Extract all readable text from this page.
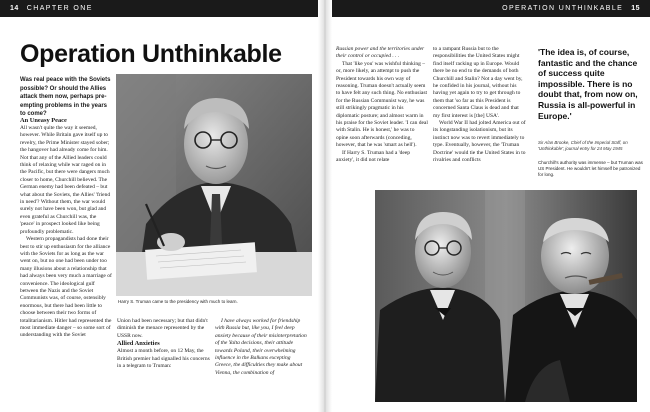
14 CHAPTER ONE	OPERATION UNTHINKABLE 15
Operation Unthinkable

Was real peace with the Soviets possible? Or should the Allies attack them now, perhaps pre-empting problems in the years to come?

An Uneasy Peace

All wasn't quite the way it seemed, however. While Britain gave itself up to revelry, the Prime Minister stayed sober; the hangover had already come for him. Not that any of the Allied leaders could think of relaxing while war raged on in the Pacific, but there were dangers much closer to home, Churchill believed. The German enemy had been defeated – but what about the Soviets, the Allies' 'friend in need'? Without them, the war would surely not have been won, but glad and even grateful as Churchill was, the 'peace' in prospect looked like being profoundly problematic.

Western propagandists had done their best to stir up enthusiasm for the alliance with the Soviets for as long as the war went on, but no one had been under too many illusions about a relationship that had always been very much a marriage of convenience. The ideological gulf between the Nazis and the Soviet Communists was, of course, ostensibly enormous, but there had been little to choose between their two forms of totalitarianism. Hitler had represented the most immediate danger – so some sort of understanding with the Soviet

Harry S. Truman came to the presidency with much to learn.

Union had been necessary; but that didn't diminish the menace represented by the USSR now.

Allied Anxieties

Almost a month before, on 12 May, the British premier had signalled his concerns in a telegram to Truman:

I have always worked for friendship with Russia but, like you, I feel deep anxiety because of their misinterpretation of the Yalta decisions, their attitude towards Poland, their overwhelming influence in the Balkans excepting Greece, the difficulties they make about Vienna, the combination of

Russian power and the territories under their control or occupied . . .

That 'like you' was wishful thinking – or, more likely, an attempt to push the President towards his own way of reasoning. Truman doesn't actually seem to have felt any such thing. No enthusiast for the Russian Communist way, he was still strikingly pragmatic in his diplomatic posture; and almost warm in his praise for the Soviet leader. 'I can deal with Stalin. He is honest,' he was to opine soon afterwards (conceding, however, that he was 'smart as hell').

If Harry S. Truman had a 'deep anxiety', it did not relate

to a rampant Russia but to the responsibilities the United States might find itself racking up in Europe. Would there be no end to the demands of both Churchill and Stalin? Not a day went by, he confided in his journal, without his having yet again to try to get through to them that 'so far as this President is concerned Santa Claus is dead and that my first interest is [the] USA'.

World War II had jolted America out of its longstanding isolationism, but its instinct now was to revert immediately to type. Eventually, however, the 'Truman Doctrine' would tie the United States in to rivalries and conflicts

'The idea is, of course, fantastic and the chance of success quite impossible. There is no doubt that, from now on, Russia is all-powerful in Europe.'

Sir Alan Brooke, Chief of the Imperial Staff, on 'Unthinkable'; journal entry for 24 May 1945

Churchill's authority was immense – but Truman was US President. He wouldn't let himself be patronized for long.
